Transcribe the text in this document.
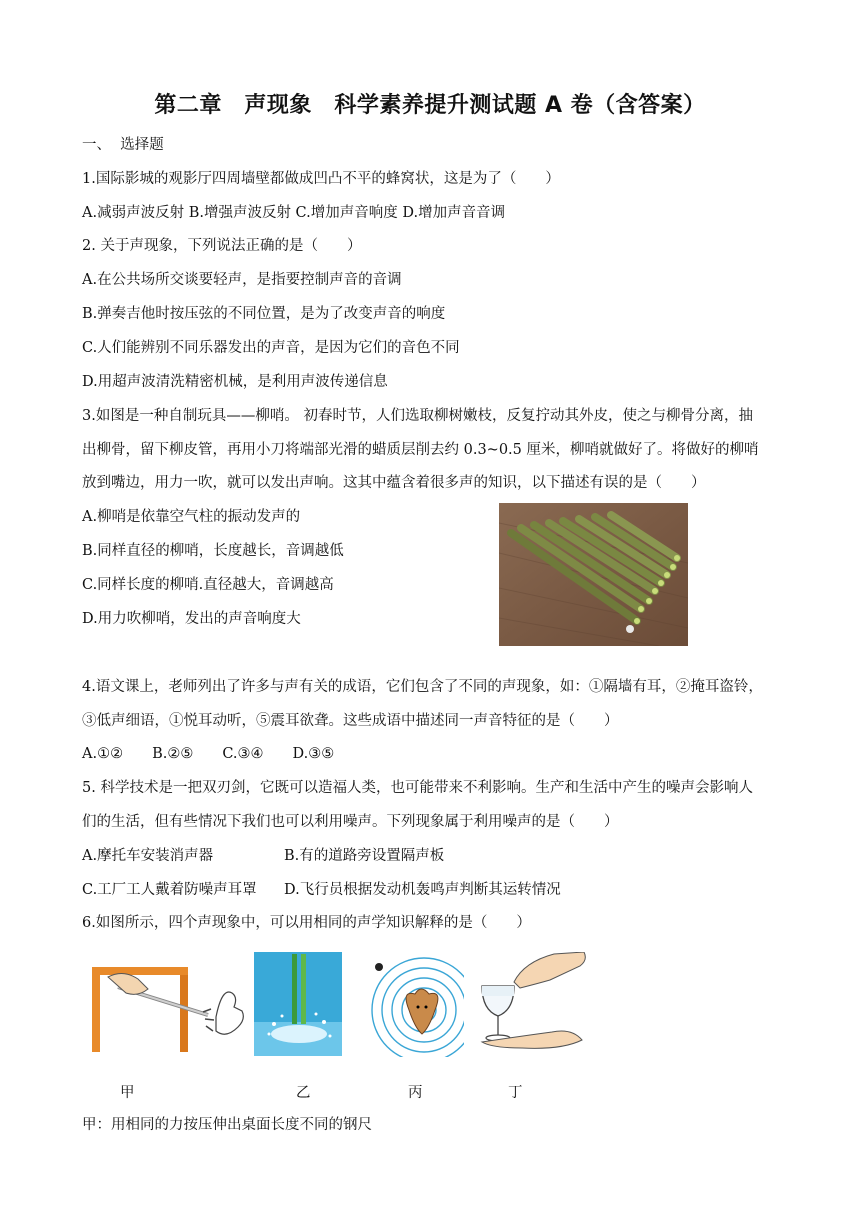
第二章　声现象　科学素养提升测试题 A 卷（含答案）
一、  选择题
1.国际影城的观影厅四周墙壁都做成凹凸不平的蜂窝状，这是为了（　　）
A.减弱声波反射 B.增强声波反射 C.增加声音响度 D.增加声音音调
2. 关于声现象，下列说法正确的是（　　）
A.在公共场所交谈要轻声，是指要控制声音的音调
B.弹奏吉他时按压弦的不同位置，是为了改变声音的响度
C.人们能辨别不同乐器发出的声音，是因为它们的音色不同
D.用超声波清洗精密机械，是利用声波传递信息
3.如图是一种自制玩具——柳哨。 初春时节，人们选取柳树嫩枝，反复拧动其外皮，使之与柳骨分离，抽
出柳骨，留下柳皮管，再用小刀将端部光滑的蜡质层削去约 0.3~0.5 厘米，柳哨就做好了。将做好的柳哨
放到嘴边，用力一吹，就可以发出声响。这其中蕴含着很多声的知识，以下描述有误的是（　　）
A.柳哨是依靠空气柱的振动发声的
B.同样直径的柳哨，长度越长，音调越低
C.同样长度的柳哨.直径越大，音调越高
D.用力吹柳哨，发出的声音响度大
4.语文课上，老师列出了许多与声有关的成语，它们包含了不同的声现象，如：①隔墙有耳，②掩耳盗铃，
③低声细语，①悦耳动听，⑤震耳欲聋。这些成语中描述同一声音特征的是（　　）
A.①②　　B.②⑤　　C.③④　　D.③⑤
5. 科学技术是一把双刃剑，它既可以造福人类，也可能带来不利影响。生产和生活中产生的噪声会影响人
们的生活，但有些情况下我们也可以利用噪声。下列现象属于利用噪声的是（　　）
A.摩托车安装消声器	B.有的道路旁设置隔声板
C.工厂工人戴着防噪声耳罩 D.飞行员根据发动机轰鸣声判断其运转情况
6.如图所示，四个声现象中，可以用相同的声学知识解释的是（　　）
甲	乙	丙	丁
甲：用相同的力按压伸出桌面长度不同的钢尺
